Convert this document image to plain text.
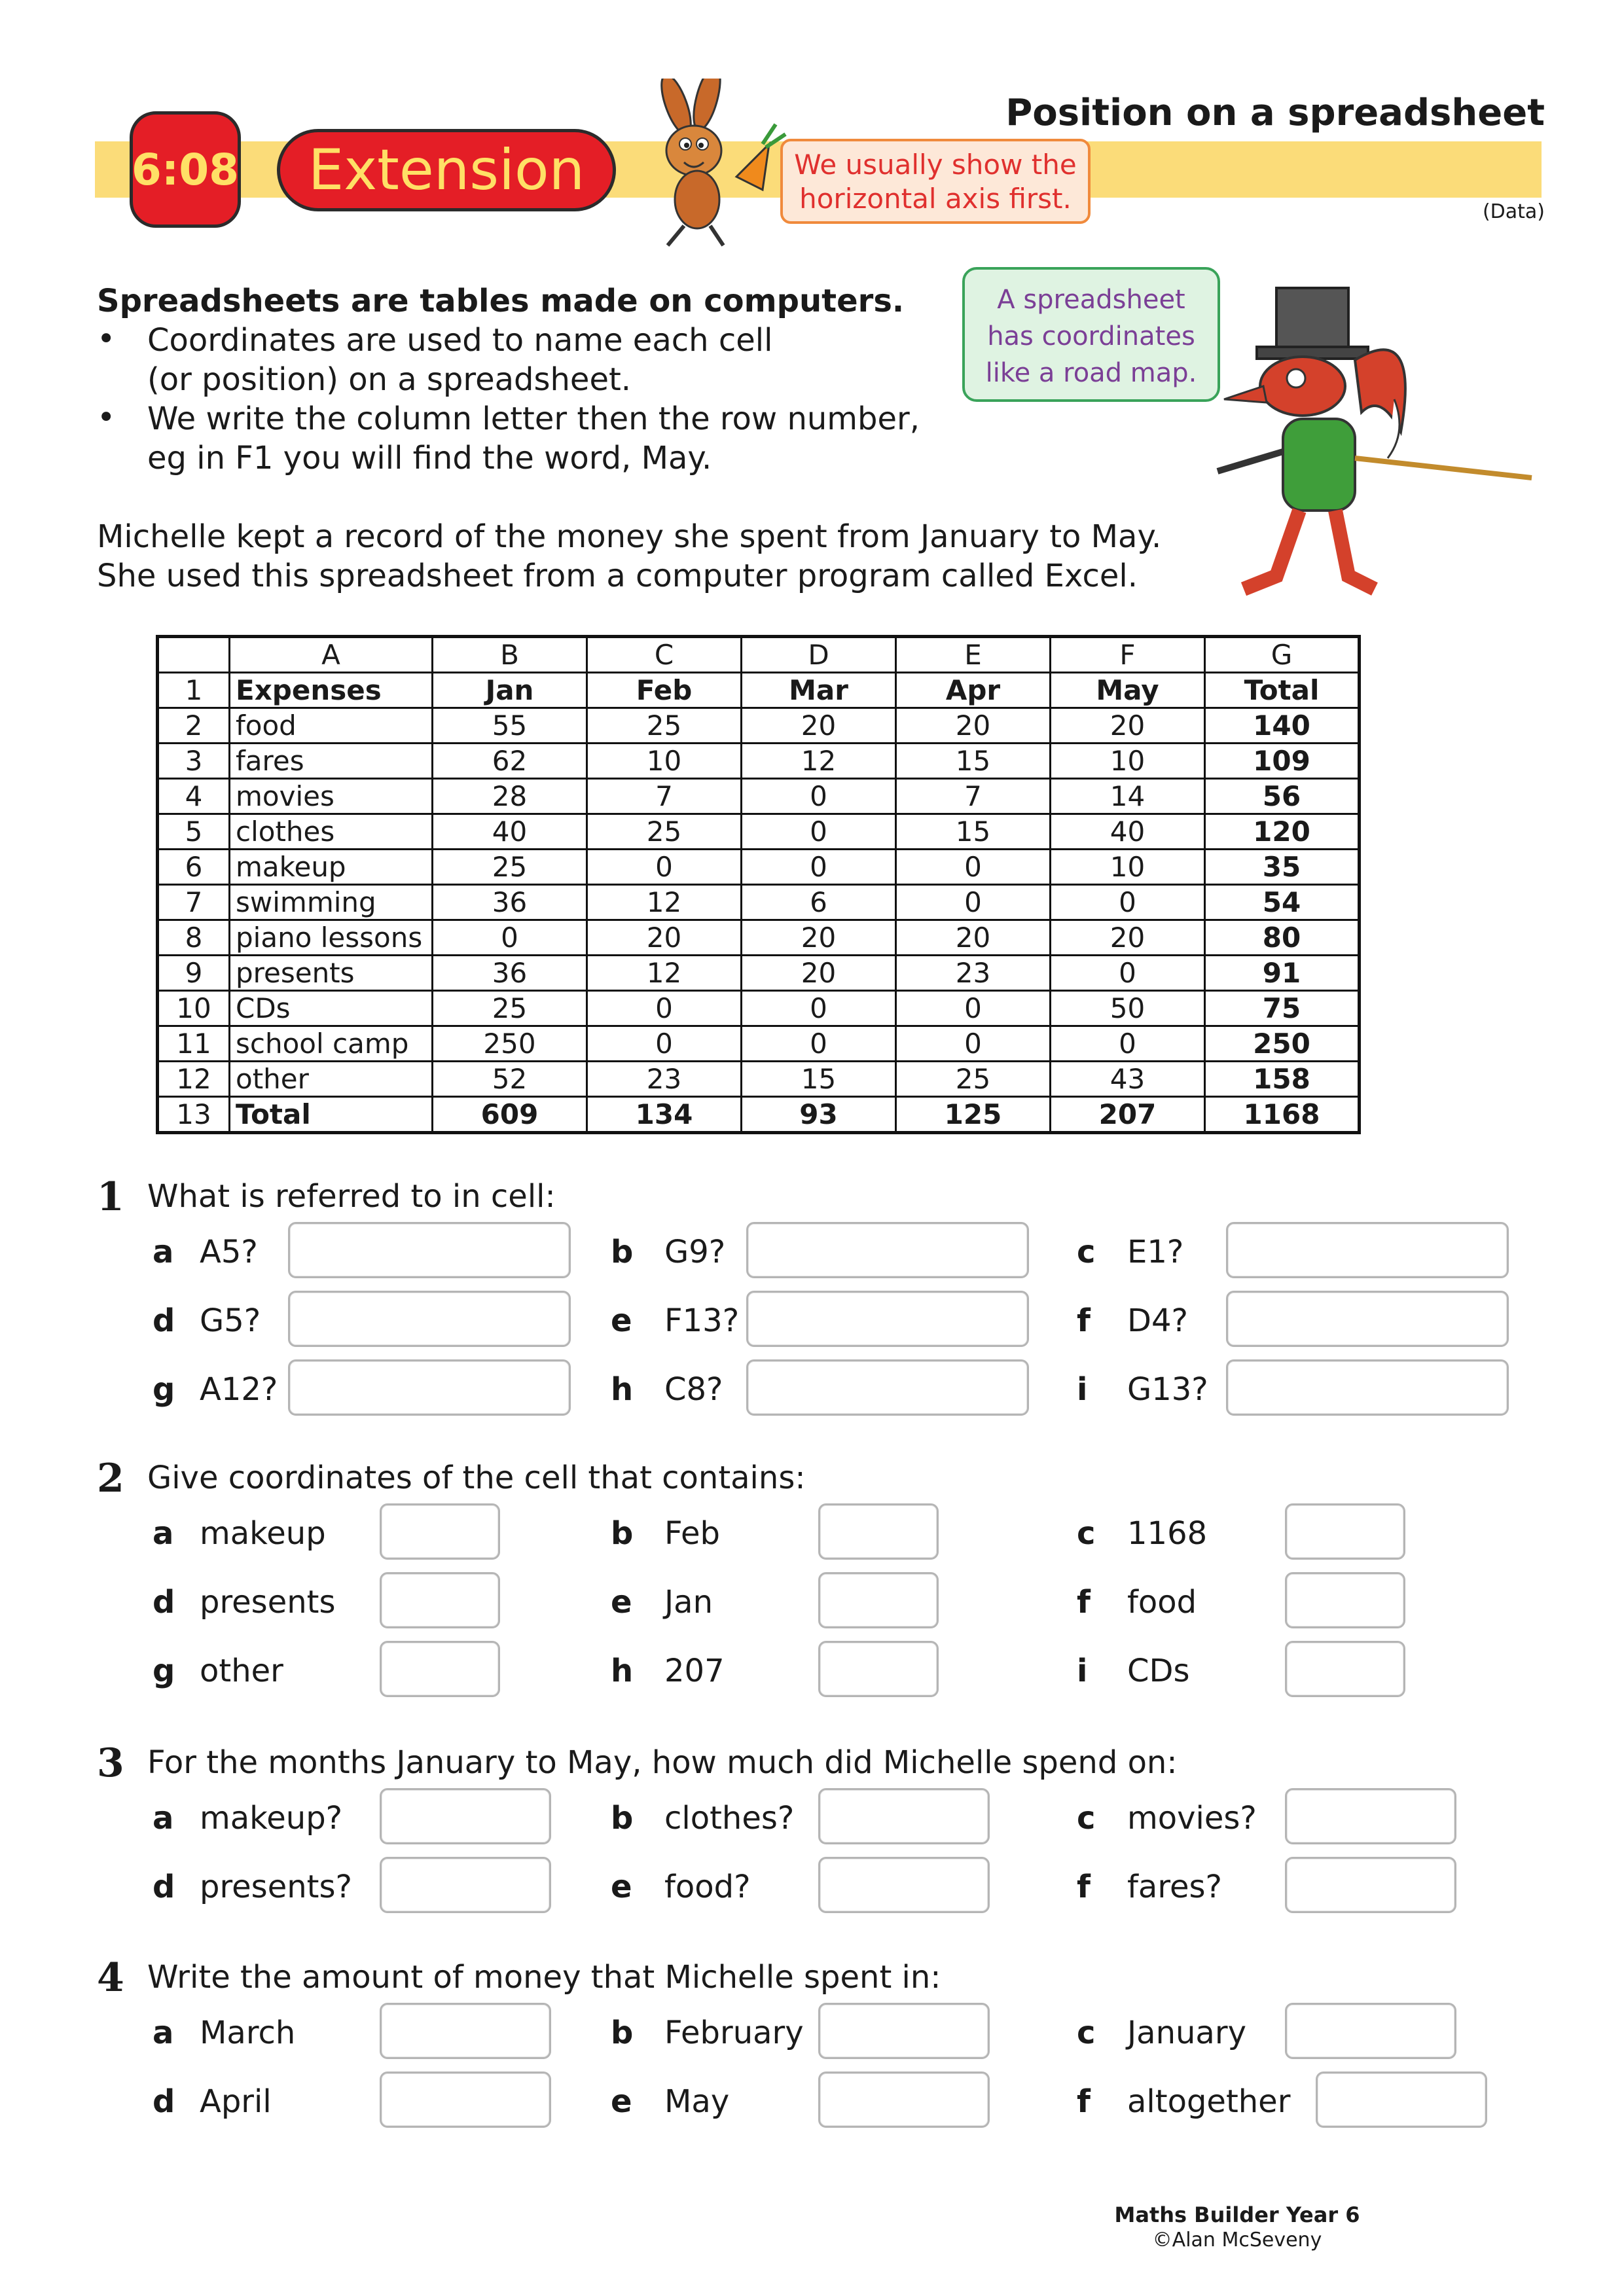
Position on a spreadsheet
6:08	Extension
(Data)
We usually show the
horizontal axis first.
A spreadsheet
has coordinates
like a road map.
Spreadsheets are tables made on computers.
• Coordinates are used to name each cell
(or position) on a spreadsheet.
• We write the column letter then the row number,
eg in F1 you will find the word, May.
Michelle kept a record of the money she spent from January to May.
She used this spreadsheet from a computer program called Excel.
	A	B	C	D	E	F	G
1	Expenses	Jan	Feb	Mar	Apr	May	Total
2	food	55	25	20	20	20	140
3	fares	62	10	12	15	10	109
4	movies	28	7	0	7	14	56
5	clothes	40	25	0	15	40	120
6	makeup	25	0	0	0	10	35
7	swimming	36	12	6	0	0	54
8	piano lessons	0	20	20	20	20	80
9	presents	36	12	20	23	0	91
10	CDs	25	0	0	0	50	75
11	school camp	250	0	0	0	0	250
12	other	52	23	15	25	43	158
13	Total	609	134	93	125	207	1168
1 What is referred to in cell:
a A5?	b G9?	c E1?
d G5?	e F13?	f D4?
g A12?	h C8?	i G13?
2 Give coordinates of the cell that contains:
a makeup	b Feb	c 1168
d presents	e Jan	f food
g other	h 207	i CDs
3 For the months January to May, how much did Michelle spend on:
a makeup?	b clothes?	c movies?
d presents?	e food?	f fares?
4 Write the amount of money that Michelle spent in:
a March	b February	c January
d April	e May	f altogether
Maths Builder Year 6
©Alan McSeveny
